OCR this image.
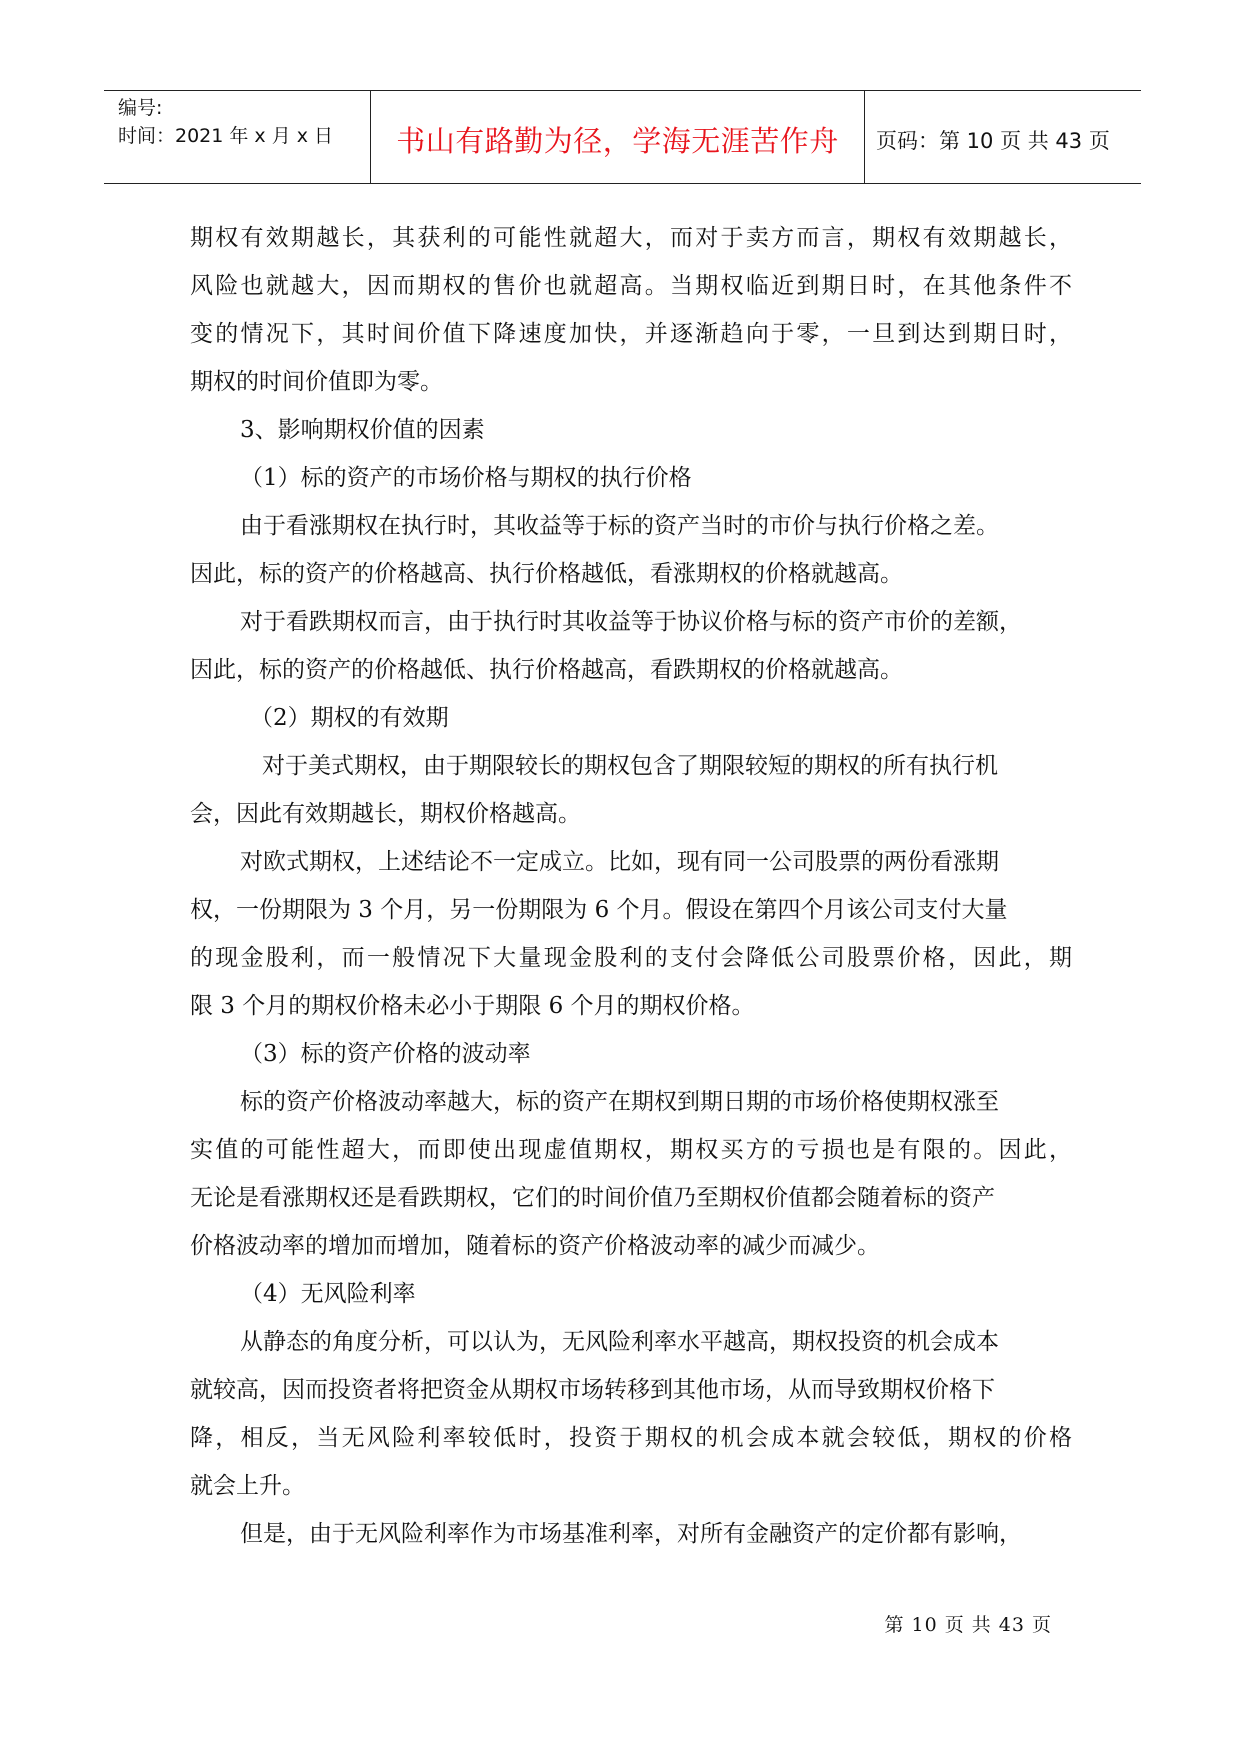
编号:
时间：2021 年 x 月 x 日	书山有路勤为径，学海无涯苦作舟	页码：第 10 页 共 43 页
期权有效期越长，其获利的可能性就超大，而对于卖方而言，期权有效期越长，
风险也就越大，因而期权的售价也就超高。当期权临近到期日时，在其他条件不
变的情况下，其时间价值下降速度加快，并逐渐趋向于零，一旦到达到期日时，
期权的时间价值即为零。
3、影响期权价值的因素
（1）标的资产的市场价格与期权的执行价格
由于看涨期权在执行时，其收益等于标的资产当时的市价与执行价格之差。
因此，标的资产的价格越高、执行价格越低，看涨期权的价格就越高。
对于看跌期权而言，由于执行时其收益等于协议价格与标的资产市价的差额，
因此，标的资产的价格越低、执行价格越高，看跌期权的价格就越高。
（2）期权的有效期
对于美式期权，由于期限较长的期权包含了期限较短的期权的所有执行机
会，因此有效期越长，期权价格越高。
对欧式期权，上述结论不一定成立。比如，现有同一公司股票的两份看涨期
权，一份期限为 3 个月，另一份期限为 6 个月。假设在第四个月该公司支付大量
的现金股利，而一般情况下大量现金股利的支付会降低公司股票价格，因此，期
限 3 个月的期权价格未必小于期限 6 个月的期权价格。
（3）标的资产价格的波动率
标的资产价格波动率越大，标的资产在期权到期日期的市场价格使期权涨至
实值的可能性超大，而即使出现虚值期权，期权买方的亏损也是有限的。因此，
无论是看涨期权还是看跌期权，它们的时间价值乃至期权价值都会随着标的资产
价格波动率的增加而增加，随着标的资产价格波动率的减少而减少。
（4）无风险利率
从静态的角度分析，可以认为，无风险利率水平越高，期权投资的机会成本
就较高，因而投资者将把资金从期权市场转移到其他市场，从而导致期权价格下
降，相反，当无风险利率较低时，投资于期权的机会成本就会较低，期权的价格
就会上升。
但是，由于无风险利率作为市场基准利率，对所有金融资产的定价都有影响，
第 10 页 共 43 页
